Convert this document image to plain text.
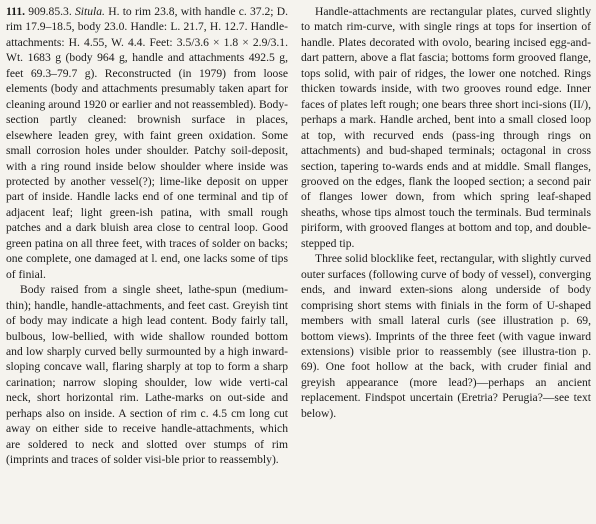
111. 909.85.3. Situla. H. to rim 23.8, with handle c. 37.2; D. rim 17.9–18.5, body 23.0. Handle: L. 21.7, H. 12.7. Handle-attachments: H. 4.55, W. 4.4. Feet: 3.5/3.6 × 1.8 × 2.9/3.1. Wt. 1683 g (body 964 g, handle and attachments 492.5 g, feet 69.3–79.7 g). Reconstructed (in 1979) from loose elements (body and attachments presumably taken apart for cleaning around 1920 or earlier and not reassembled). Body-section partly cleaned: brownish surface in places, elsewhere leaden grey, with faint green oxidation. Some small corrosion holes under shoulder. Patchy soil-deposit, with a ring round inside below shoulder where inside was protected by another vessel(?); lime-like deposit on upper part of inside. Handle lacks end of one terminal and tip of adjacent leaf; light green-ish patina, with small rough patches and a dark bluish area close to central loop. Good green patina on all three feet, with traces of solder on backs; one complete, one damaged at l. end, one lacks some of tips of finial.

Body raised from a single sheet, lathe-spun (medium-thin); handle, handle-attachments, and feet cast. Greyish tint of body may indicate a high lead content. Body fairly tall, bulbous, low-bellied, with wide shallow rounded bottom and low sharply curved belly surmounted by a high inward-sloping concave wall, flaring sharply at top to form a sharp carination; narrow sloping shoulder, low wide verti-cal neck, short horizontal rim. Lathe-marks on out-side and perhaps also on inside. A section of rim c. 4.5 cm long cut away on either side to receive handle-attachments, which are soldered to neck and slotted over stumps of rim (imprints and traces of solder visi-ble prior to reassembly).

Handle-attachments are rectangular plates, curved slightly to match rim-curve, with single rings at tops for insertion of handle. Plates decorated with ovolo, bearing incised egg-and-dart pattern, above a flat fascia; bottoms form grooved flange, tops solid, with pair of ridges, the lower one notched. Rings thicken towards inside, with two grooves round edge. Inner faces of plates left rough; one bears three short inci-sions (II/), perhaps a mark. Handle arched, bent into a small closed loop at top, with recurved ends (pass-ing through rings on attachments) and bud-shaped terminals; octagonal in cross section, tapering to-wards ends and at middle. Small flanges, grooved on the edges, flank the looped section; a second pair of flanges lower down, from which spring leaf-shaped sheaths, whose tips almost touch the terminals. Bud terminals piriform, with grooved flanges at bottom and top, and double-stepped tip.

Three solid blocklike feet, rectangular, with slightly curved outer surfaces (following curve of body of vessel), converging ends, and inward exten-sions along underside of body comprising short stems with finials in the form of U-shaped members with small lateral curls (see illustration p. 69, bottom views). Imprints of the three feet (with vague inward extensions) visible prior to reassembly (see illustra-tion p. 69). One foot hollow at the back, with cruder finial and greyish appearance (more lead?)—perhaps an ancient replacement. Findspot uncertain (Eretria? Perugia?—see text below).
